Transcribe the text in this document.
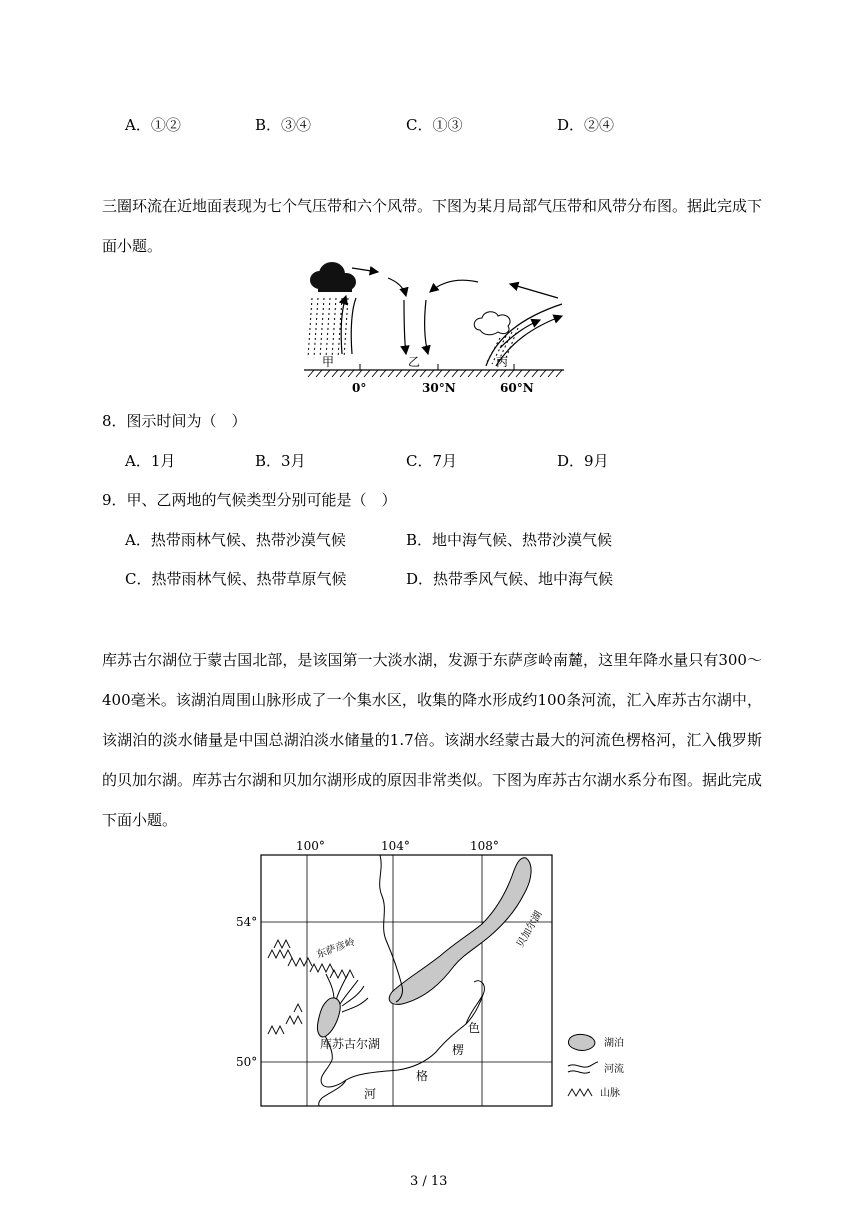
A．①②	B．③④	C．①③	D．②④
三圈环流在近地面表现为七个气压带和六个风带。下图为某月局部气压带和风带分布图。据此完成下面小题。
甲	乙	丙
0°	30°N	60°N
8．图示时间为（　）
A．1月	B．3月	C．7月	D．9月
9．甲、乙两地的气候类型分别可能是（　）
A．热带雨林气候、热带沙漠气候	B．地中海气候、热带沙漠气候
C．热带雨林气候、热带草原气候	D．热带季风气候、地中海气候
库苏古尔湖位于蒙古国北部，是该国第一大淡水湖，发源于东萨彦岭南麓，这里年降水量只有300～400毫米。该湖泊周围山脉形成了一个集水区，收集的降水形成约100条河流，汇入库苏古尔湖中，该湖泊的淡水储量是中国总湖泊淡水储量的1.7倍。该湖水经蒙古最大的河流色楞格河，汇入俄罗斯的贝加尔湖。库苏古尔湖和贝加尔湖形成的原因非常类似。下图为库苏古尔湖水系分布图。据此完成下面小题。
100°	104°	108°
54°
50°
贝加尔湖
库苏古尔湖
东萨彦岭
色
楞
格
河
湖泊
河流
山脉
3 / 13
